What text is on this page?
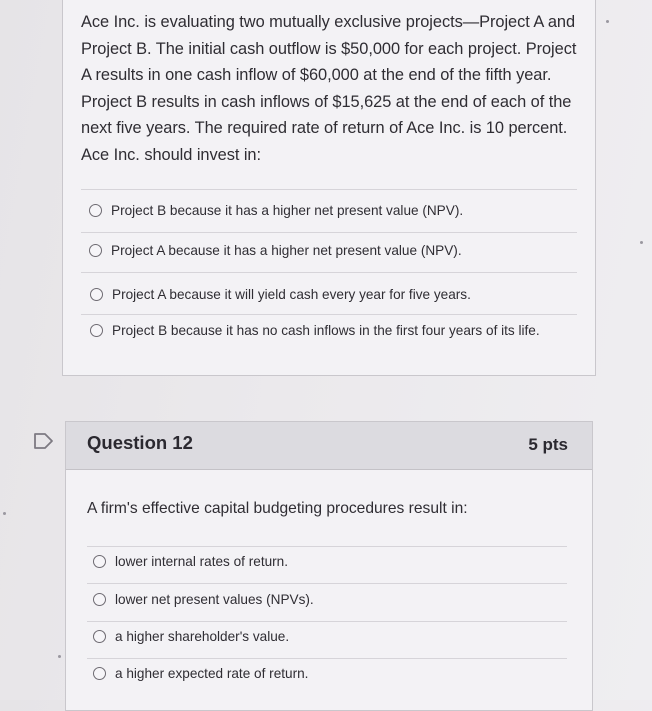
Ace Inc. is evaluating two mutually exclusive projects—Project A and Project B. The initial cash outflow is $50,000 for each project. Project A results in one cash inflow of $60,000 at the end of the fifth year. Project B results in cash inflows of $15,625 at the end of each of the next five years. The required rate of return of Ace Inc. is 10 percent. Ace Inc. should invest in:
Project B because it has a higher net present value (NPV).
Project A because it has a higher net present value (NPV).
Project A because it will yield cash every year for five years.
Project B because it has no cash inflows in the first four years of its life.
Question 12	5 pts
A firm's effective capital budgeting procedures result in:
lower internal rates of return.
lower net present values (NPVs).
a higher shareholder's value.
a higher expected rate of return.
